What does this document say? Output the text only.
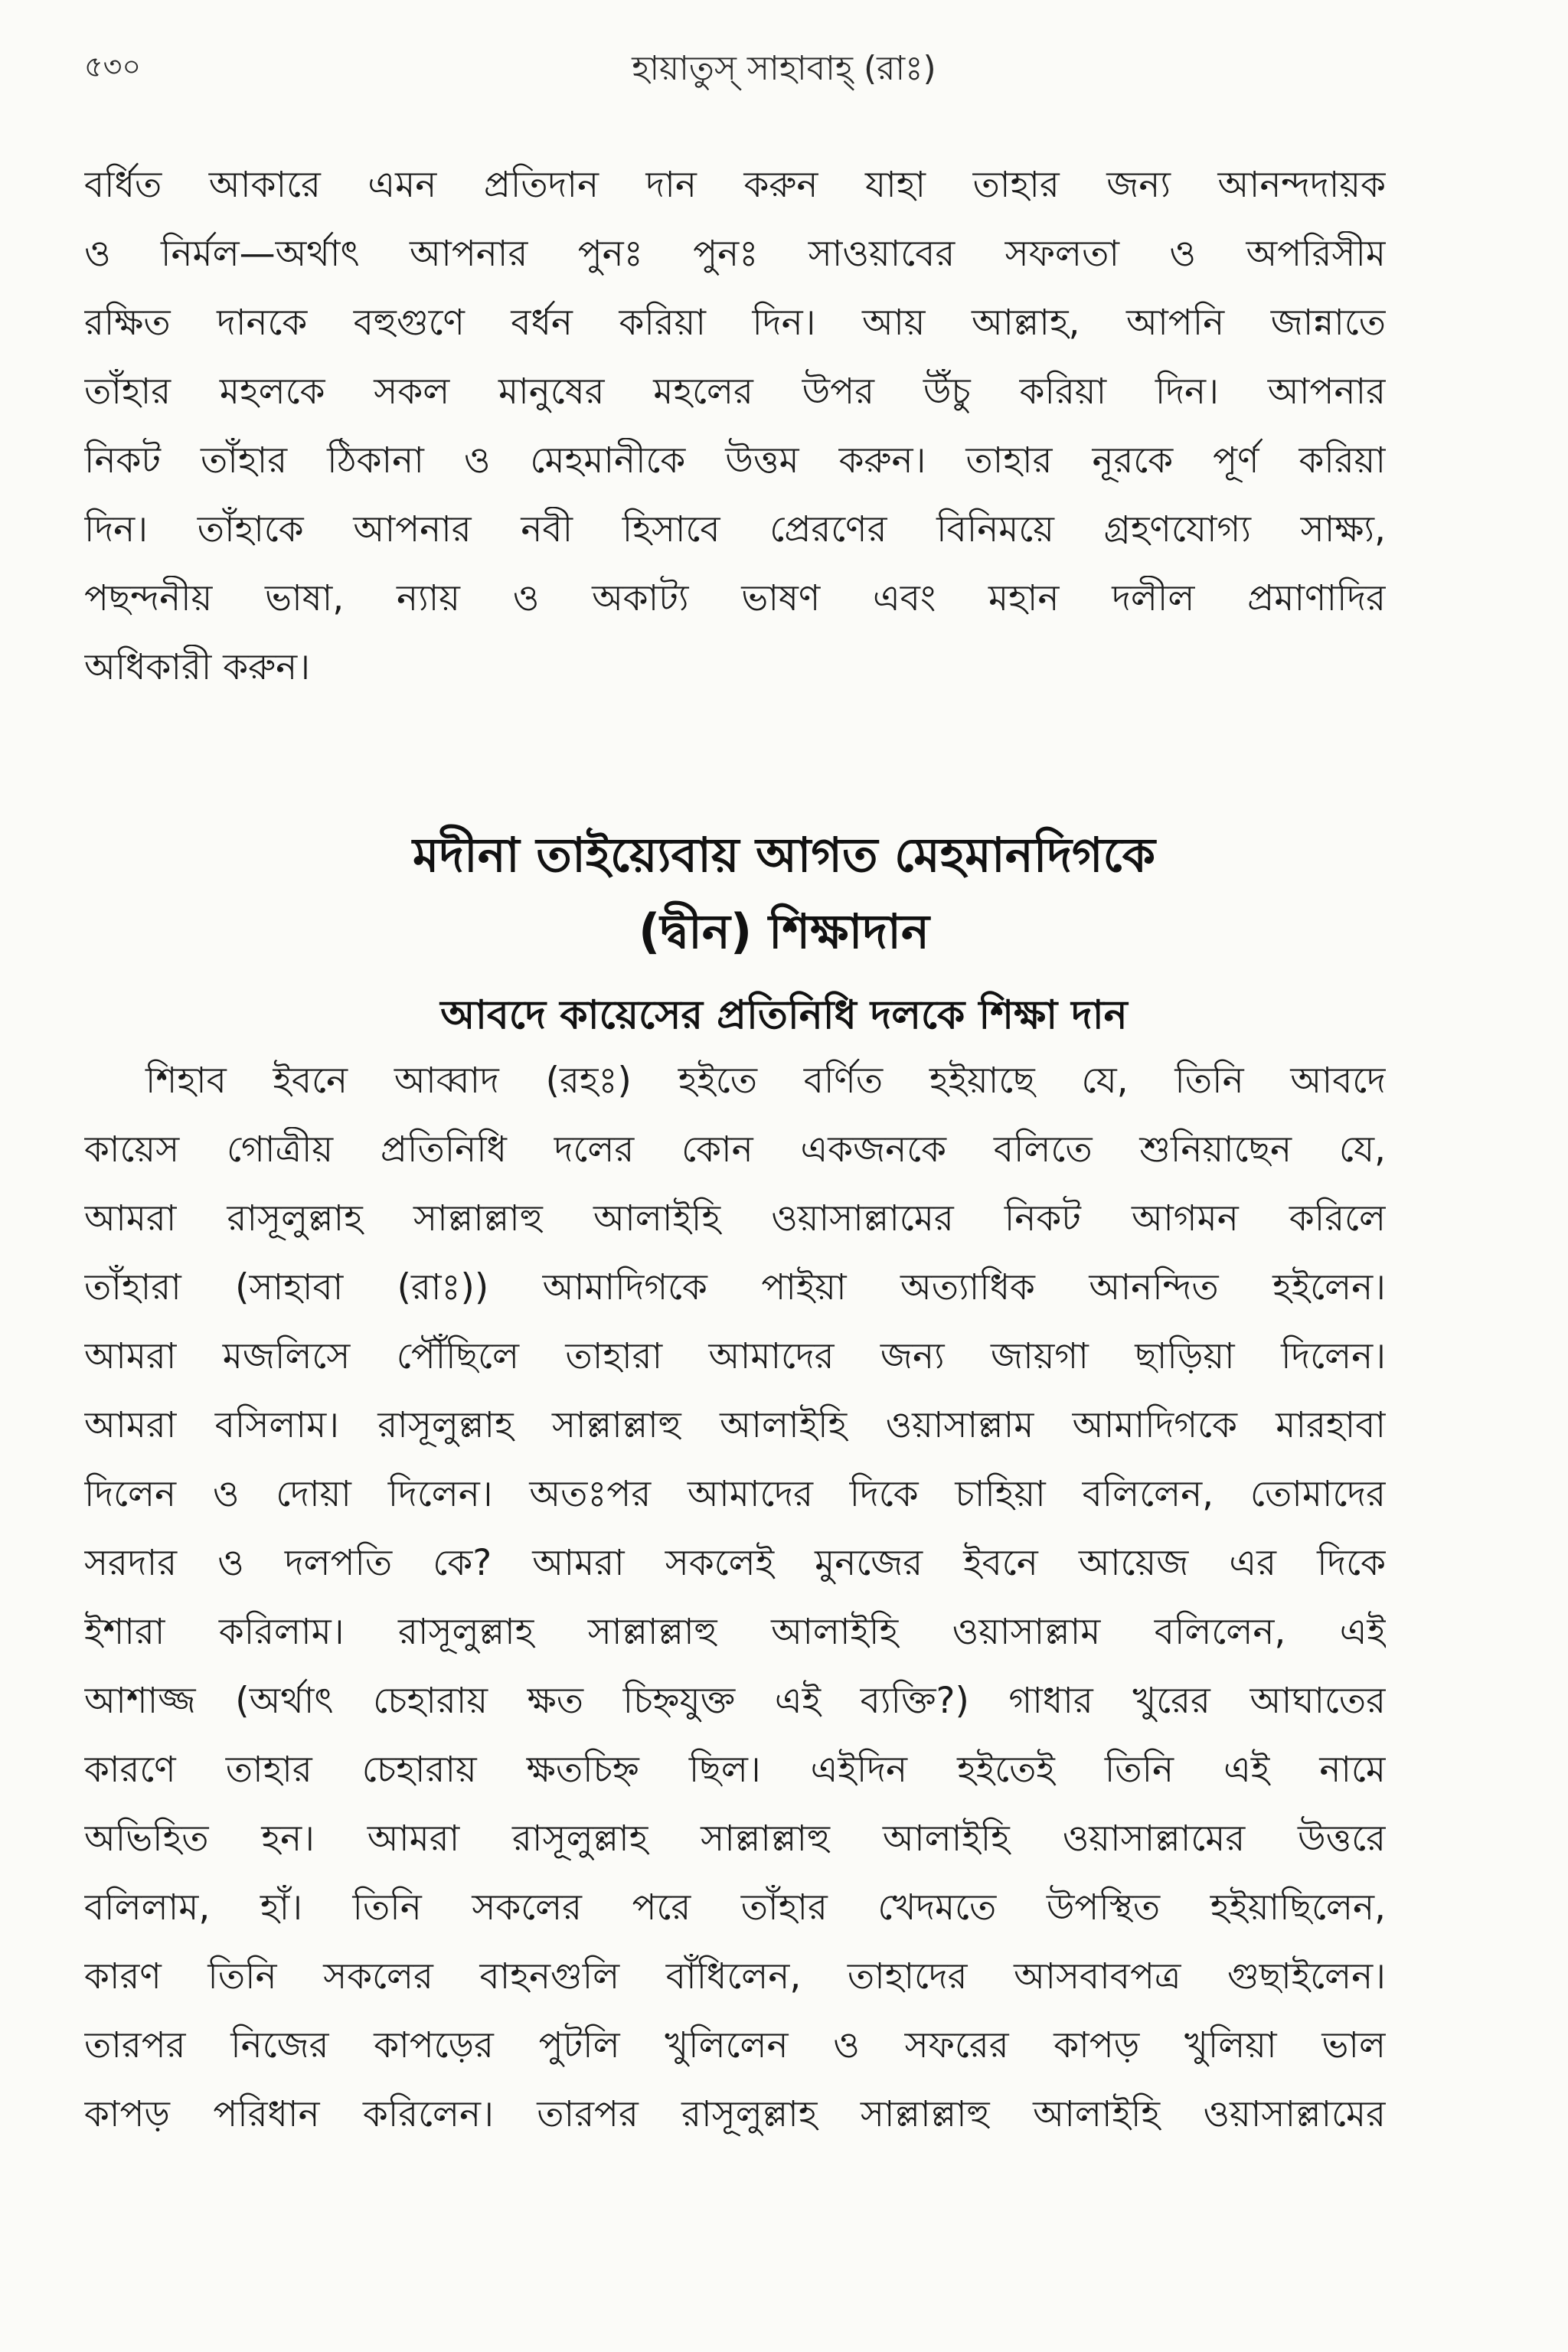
৫৩০	হায়াতুস্ সাহাবাহ্ (রাঃ)
বর্ধিত আকারে এমন প্রতিদান দান করুন যাহা তাহার জন্য আনন্দদায়ক
ও নির্মল—অর্থাৎ আপনার পুনঃ পুনঃ সাওয়াবের সফলতা ও অপরিসীম
রক্ষিত দানকে বহুগুণে বর্ধন করিয়া দিন। আয় আল্লাহ, আপনি জান্নাতে
তাঁহার মহলকে সকল মানুষের মহলের উপর উঁচু করিয়া দিন। আপনার
নিকট তাঁহার ঠিকানা ও মেহমানীকে উত্তম করুন। তাহার নূরকে পূর্ণ করিয়া
দিন। তাঁহাকে আপনার নবী হিসাবে প্রেরণের বিনিময়ে গ্রহণযোগ্য সাক্ষ্য,
পছন্দনীয় ভাষা, ন্যায় ও অকাট্য ভাষণ এবং মহান দলীল প্রমাণাদির
অধিকারী করুন।
মদীনা তাইয়্যেবায় আগত মেহমানদিগকে
(দ্বীন) শিক্ষাদান
আবদে কায়েসের প্রতিনিধি দলকে শিক্ষা দান
শিহাব ইবনে আব্বাদ (রহঃ) হইতে বর্ণিত হইয়াছে যে, তিনি আবদে
কায়েস গোত্রীয় প্রতিনিধি দলের কোন একজনকে বলিতে শুনিয়াছেন যে,
আমরা রাসূলুল্লাহ সাল্লাল্লাহু আলাইহি ওয়াসাল্লামের নিকট আগমন করিলে
তাঁহারা (সাহাবা (রাঃ)) আমাদিগকে পাইয়া অত্যাধিক আনন্দিত হইলেন।
আমরা মজলিসে পৌঁছিলে তাহারা আমাদের জন্য জায়গা ছাড়িয়া দিলেন।
আমরা বসিলাম। রাসূলুল্লাহ সাল্লাল্লাহু আলাইহি ওয়াসাল্লাম আমাদিগকে মারহাবা
দিলেন ও দোয়া দিলেন। অতঃপর আমাদের দিকে চাহিয়া বলিলেন, তোমাদের
সরদার ও দলপতি কে? আমরা সকলেই মুনজের ইবনে আয়েজ এর দিকে
ইশারা করিলাম। রাসূলুল্লাহ সাল্লাল্লাহু আলাইহি ওয়াসাল্লাম বলিলেন, এই
আশাজ্জ (অর্থাৎ চেহারায় ক্ষত চিহ্নযুক্ত এই ব্যক্তি?) গাধার খুরের আঘাতের
কারণে তাহার চেহারায় ক্ষতচিহ্ন ছিল। এইদিন হইতেই তিনি এই নামে
অভিহিত হন। আমরা রাসূলুল্লাহ সাল্লাল্লাহু আলাইহি ওয়াসাল্লামের উত্তরে
বলিলাম, হাঁ। তিনি সকলের পরে তাঁহার খেদমতে উপস্থিত হইয়াছিলেন,
কারণ তিনি সকলের বাহনগুলি বাঁধিলেন, তাহাদের আসবাবপত্র গুছাইলেন।
তারপর নিজের কাপড়ের পুটলি খুলিলেন ও সফরের কাপড় খুলিয়া ভাল
কাপড় পরিধান করিলেন। তারপর রাসূলুল্লাহ সাল্লাল্লাহু আলাইহি ওয়াসাল্লামের
